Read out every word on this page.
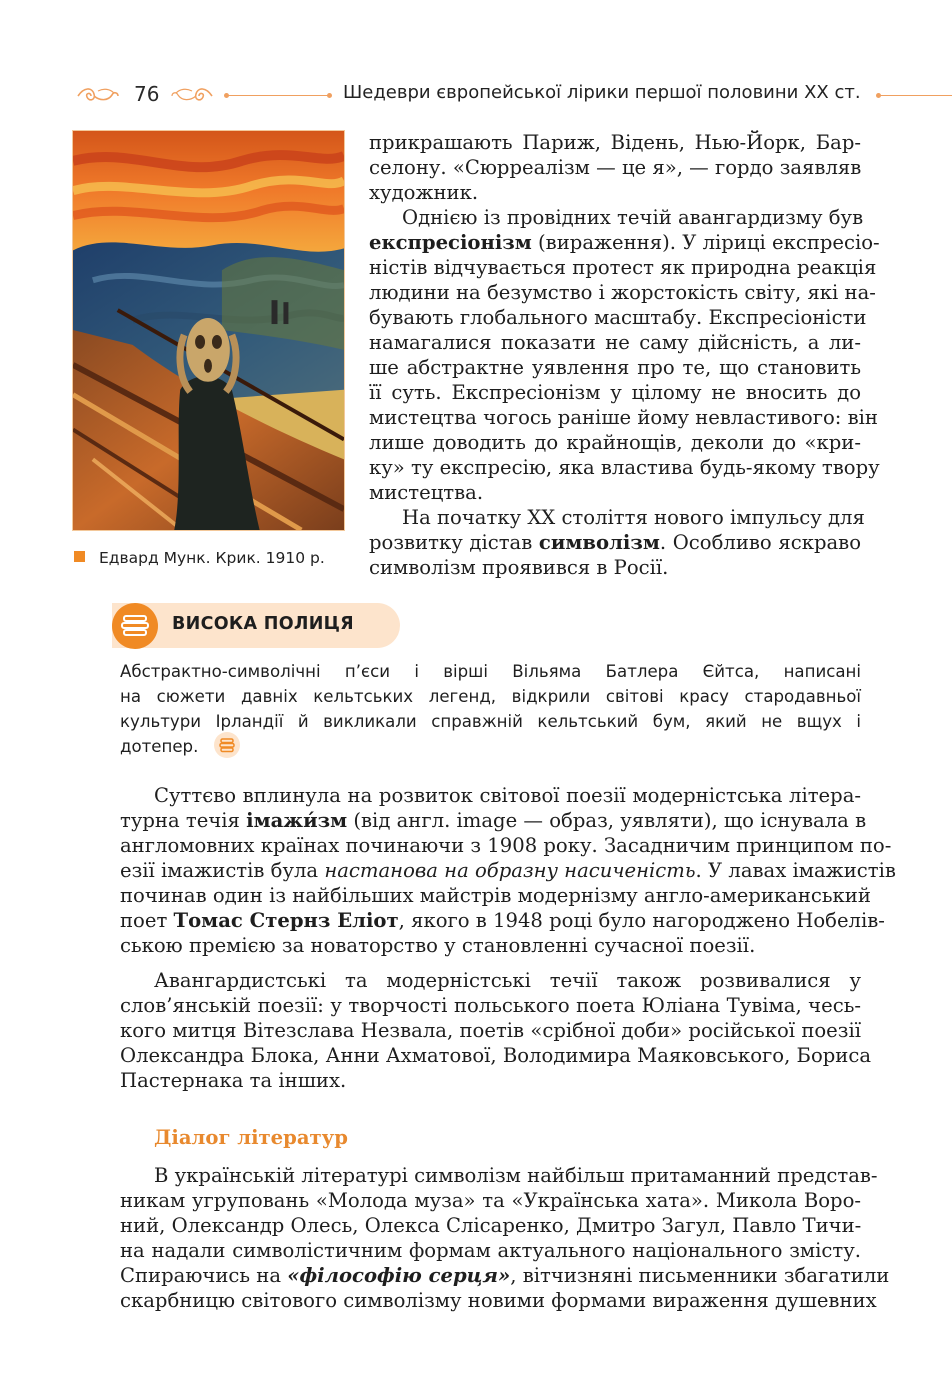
76	Шедеври європейської лірики першої половини ХХ ст.
Едвард Мунк. Крик. 1910 р.
прикрашають Париж, Відень, Нью-Йорк, Бар-
селону. «Сюрреалізм — це я», — гордо заявляв
художник.
Однією із провідних течій авангардизму був
експресіонізм (вираження). У ліриці експресіо-
ністів відчувається протест як природна реакція
людини на безумство і жорстокість світу, які на-
бувають глобального масштабу. Експресіоністи
намагалися показати не саму дійсність, а ли-
ше абстрактне уявлення про те, що становить
її суть. Експресіонізм у цілому не вносить до
мистецтва чогось раніше йому невластивого: він
лише доводить до крайнощів, деколи до «кри-
ку» ту експресію, яка властива будь-якому твору
мистецтва.
На початку ХХ століття нового імпульсу для
розвитку дістав символізм. Особливо яскраво
символізм проявився в Росії.
ВИСОКА ПОЛИЦЯ
Абстрактно-символічні п’єси і вірші Вільяма Батлера Єйтса, написані
на сюжети давніх кельтських легенд, відкрили світові красу стародавньої
культури Ірландії й викликали справжній кельтський бум, який не вщух і
дотепер.
Суттєво вплинула на розвиток світової поезії модерністська літера-
турна течія імажи́зм (від англ. image — образ, уявляти), що існувала в
англомовних країнах починаючи з 1908 року. Засадничим принципом по-
езії імажистів була настанова на образну насиченість. У лавах імажистів
починав один із найбільших майстрів модернізму англо-американський
поет Томас Стернз Еліот, якого в 1948 році було нагороджено Нобелів-
ською премією за новаторство у становленні сучасної поезії.
Авангардистські та модерністські течії також розвивалися у
слов’янській поезії: у творчості польського поета Юліана Тувіма, чесь-
кого митця Вітезслава Незвала, поетів «срібної доби» російської поезії
Олександра Блока, Анни Ахматової, Володимира Маяковського, Бориса
Пастернака та інших.
Діалог літератур
В українській літературі символізм найбільш притаманний представ-
никам угруповань «Молода муза» та «Українська хата». Микола Воро-
ний, Олександр Олесь, Олекса Слісаренко, Дмитро Загул, Павло Тичи-
на надали символістичним формам актуального національного змісту.
Спираючись на «філософію серця», вітчизняні письменники збагатили
скарбницю світового символізму новими формами вираження душевних
